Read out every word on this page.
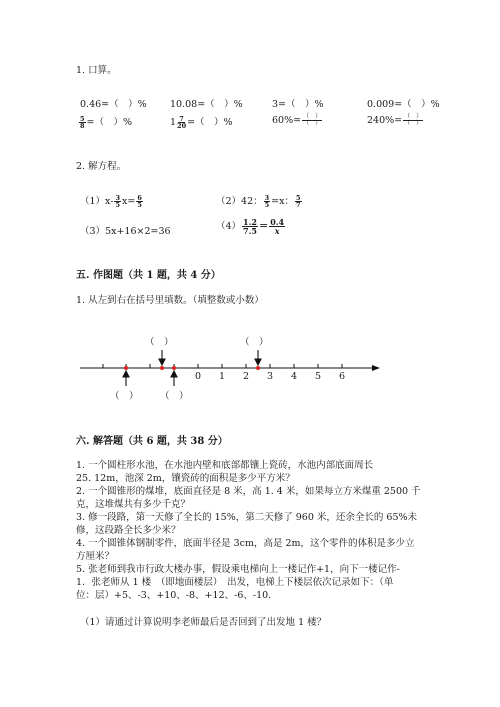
1. 口算。
0.46=（　）% 10.08=（　）%	3=（　）%	0.009=（　）%
$\frac{5}{8}$ =（　）%	$1 \frac{7}{20}$ =（　）%	$60\%= \frac{( )}{( )}$	$240\%= \frac{( )}{( )}$
2. 解方程。
$(1)x- \frac{3}{5} x= \frac{6}{5}$	（2）42： $\frac{3}{5} =x$： $\frac{5}{7}$
（3）5x+16×2=36	$(4) \frac{1.2}{7.5} = \frac{0.4}{x}$
五. 作图题（共 1 题，共 4 分）
1. 从左到右在括号里填数。（填整数或小数）
（　）	（　）
（　） （　）
0 1 2 3 4 5 6
六. 解答题（共 6 题，共 38 分）
1. 一个圆柱形水池，在水池内壁和底部都镶上瓷砖，水池内部底面周长
25. 12m，池深 2m，镶瓷砖的面积是多少平方米？
2. 一个圆锥形的煤堆，底面直径是 8 米，高 1. 4 米，如果每立方米煤重 2500 千
克，这堆煤共有多少千克？
3. 修一段路，第一天修了全长的 15%，第二天修了 960 米，还余全长的 65%未
修，这段路全长多少米？
4. 一个圆锥体钢制零件，底面半径是 3cm，高是 2m，这个零件的体积是多少立
方厘米？
5. 张老师到我市行政大楼办事，假设乘电梯向上一楼记作+1，向下一楼记作-
1．张老师从 1 楼　（即地面楼层）　出发，电梯上下楼层依次记录如下：（单
位：层）+5、-3、+10、-8、+12、-6、-10.
（1）请通过计算说明李老师最后是否回到了出发地 1 楼？
